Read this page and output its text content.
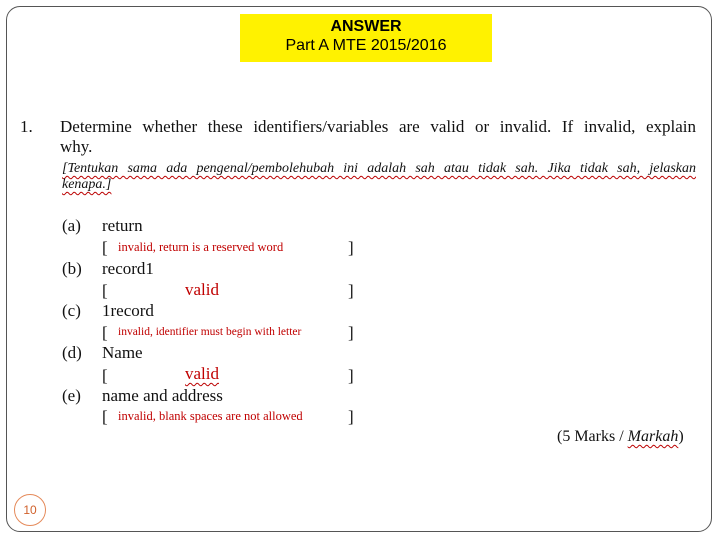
ANSWER
Part A MTE 2015/2016
1. Determine whether these identifiers/variables are valid or invalid. If invalid, explain
why.
[Tentukan sama ada pengenal/pembolehubah ini adalah sah atau tidak sah. Jika tidak sah, jelaskan
kenapa.]
(a) return
[ invalid, return is a reserved word	]
(b) record1
[	valid	]
(c) 1record
[ invalid, identifier must begin with letter	]
(d) Name
[	valid	]
(e) name and address
[ invalid, blank spaces are not allowed	]
(5 Marks / Markah)
10
